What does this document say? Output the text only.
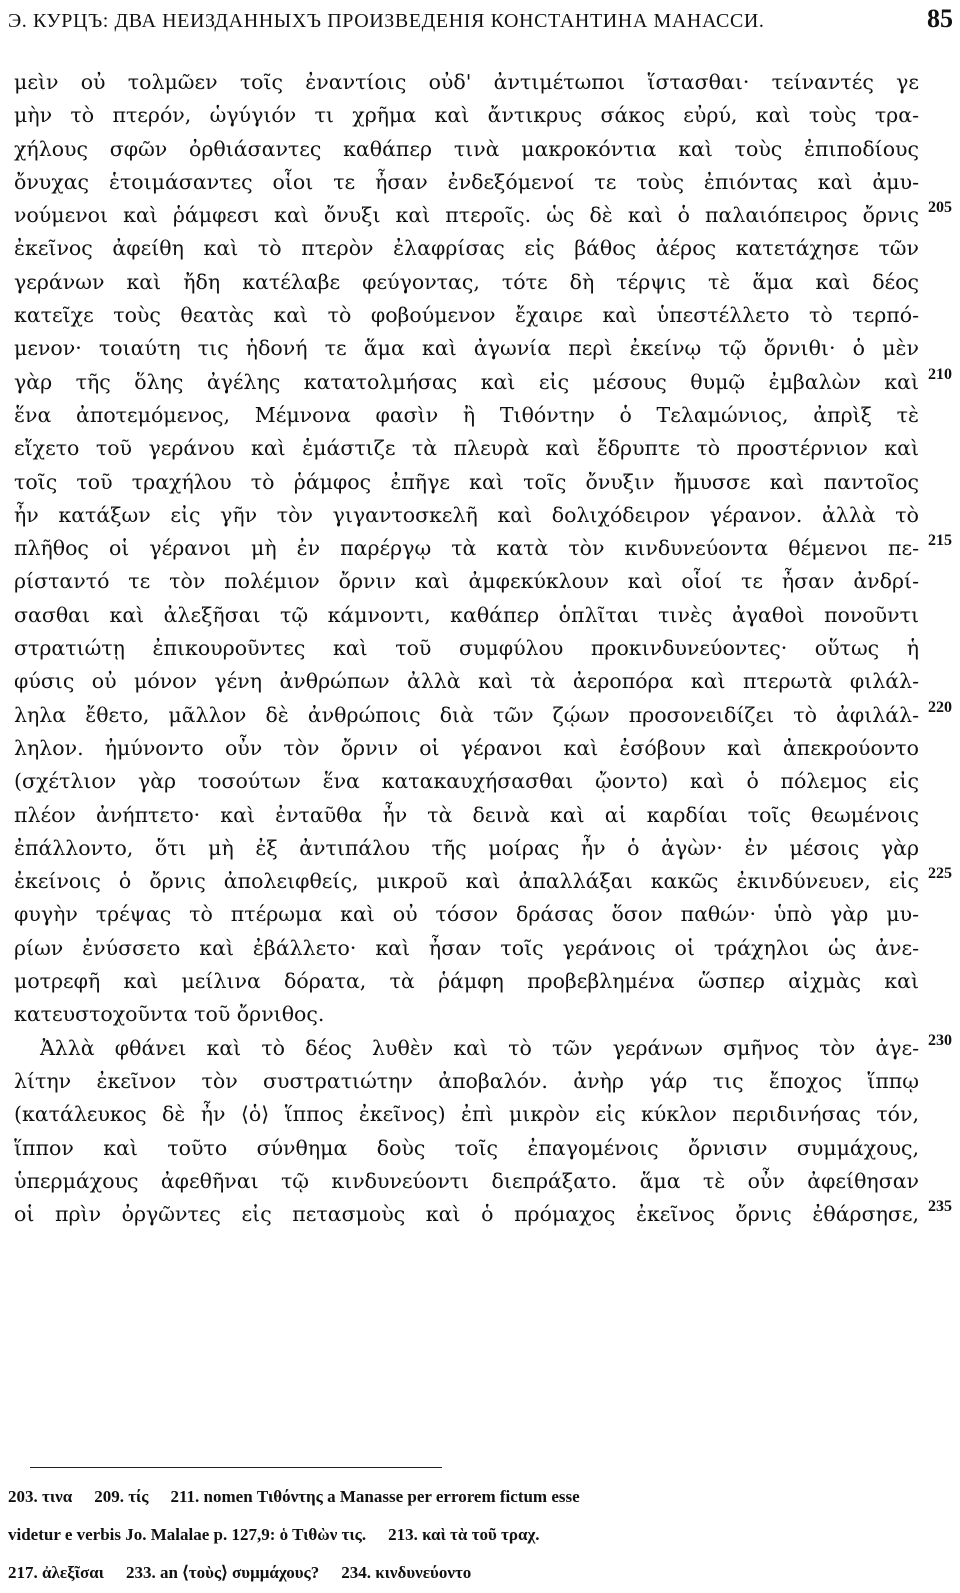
Э. КУРЦЪ: ДВА НЕИЗДАННЫХЪ ПРОИЗВЕДЕНІЯ КОНСТАНТИНА МАНАССИ.	85
μεὶν οὐ τολμῶεν τοῖς ἐναντίοις οὐδ' ἀντιμέτωποι ἵστασθαι· τείναντές γε
μὴν τὸ πτερόν, ὡγύγιόν τι χρῆμα καὶ ἄντικρυς σάκος εὐρύ, καὶ τοὺς τρα-
χήλους σφῶν ὀρθιάσαντες καθάπερ τινὰ μακροκόντια καὶ τοὺς ἐπιποδίους
ὄνυχας ἑτοιμάσαντες οἷοι τε ἦσαν ἐνδεξόμενοί τε τοὺς ἐπιόντας καὶ ἀμυ-
νούμενοι καὶ ῥάμφεσι καὶ ὄνυξι καὶ πτεροῖς. ὡς δὲ καὶ ὁ παλαιόπειρος ὄρνις
ἐκεῖνος ἀφείθη καὶ τὸ πτερὸν ἐλαφρίσας εἰς βάθος ἀέρος κατετάχησε τῶν
γεράνων καὶ ἤδη κατέλαβε φεύγοντας, τότε δὴ τέρψις τὲ ἅμα καὶ δέος
κατεῖχε τοὺς θεατὰς καὶ τὸ φοβούμενον ἔχαιρε καὶ ὑπεστέλλετο τὸ τερπό-
μενον· τοιαύτη τις ἡδονή τε ἅμα καὶ ἀγωνία περὶ ἐκείνῳ τῷ ὄρνιθι· ὁ μὲν
γὰρ τῆς ὅλης ἀγέλης κατατολμήσας καὶ εἰς μέσους θυμῷ ἐμβαλὼν καὶ
ἕνα ἀποτεμόμενος, Μέμνονα φασὶν ἢ Τιθόντην ὁ Τελαμώνιος, ἀπρὶξ τὲ
εἴχετο τοῦ γεράνου καὶ ἐμάστιζε τὰ πλευρὰ καὶ ἔδρυπτε τὸ προστέρνιον καὶ
τοῖς τοῦ τραχήλου τὸ ῥάμφος ἐπῆγε καὶ τοῖς ὄνυξιν ἤμυσσε καὶ παντοῖος
ἦν κατάξων εἰς γῆν τὸν γιγαντοσκελῆ καὶ δολιχόδειρον γέρανον. ἀλλὰ τὸ
πλῆθος οἱ γέρανοι μὴ ἐν παρέργῳ τὰ κατὰ τὸν κινδυνεύοντα θέμενοι πε-
ρίσταντό τε τὸν πολέμιον ὄρνιν καὶ ἀμφεκύκλουν καὶ οἷοί τε ἦσαν ἀνδρί-
σασθαι καὶ ἀλεξῆσαι τῷ κάμνοντι, καθάπερ ὁπλῖται τινὲς ἀγαθοὶ πονοῦντι
στρατιώτῃ ἐπικουροῦντες καὶ τοῦ συμφύλου προκινδυνεύοντες· οὕτως ἡ
φύσις οὐ μόνον γένη ἀνθρώπων ἀλλὰ καὶ τὰ ἀεροπόρα καὶ πτερωτὰ φιλάλ-
ληλα ἔθετο, μᾶλλον δὲ ἀνθρώποις διὰ τῶν ζῴων προσονειδίζει τὸ ἀφιλάλ-
ληλον. ἠμύνοντο οὖν τὸν ὄρνιν οἱ γέρανοι καὶ ἐσόβουν καὶ ἀπεκρούοντο
(σχέτλιον γὰρ τοσούτων ἕνα κατακαυχήσασθαι ᾤοντο) καὶ ὁ πόλεμος εἰς
πλέον ἀνήπτετο· καὶ ἐνταῦθα ἦν τὰ δεινὰ καὶ αἱ καρδίαι τοῖς θεωμένοις
ἐπάλλοντο, ὅτι μὴ ἐξ ἀντιπάλου τῆς μοίρας ἦν ὁ ἀγὼν· ἐν μέσοις γὰρ
ἐκείνοις ὁ ὄρνις ἀπολειφθείς, μικροῦ καὶ ἀπαλλάξαι κακῶς ἐκινδύνευεν, εἰς
φυγὴν τρέψας τὸ πτέρωμα καὶ οὐ τόσον δράσας ὅσον παθών· ὑπὸ γὰρ μυ-
ρίων ἐνύσσετο καὶ ἐβάλλετο· καὶ ἦσαν τοῖς γεράνοις οἱ τράχηλοι ὡς ἀνε-
μοτρεφῆ καὶ μείλινα δόρατα, τὰ ῥάμφη προβεβλημένα ὥσπερ αἰχμὰς καὶ
κατευστοχοῦντα τοῦ ὄρνιθος.
Ἀλλὰ φθάνει καὶ τὸ δέος λυθὲν καὶ τὸ τῶν γεράνων σμῆνος τὸν ἀγε-
λίτην ἐκεῖνον τὸν συστρατιώτην ἀποβαλόν. ἀνὴρ γάρ τις ἔποχος ἵππῳ
(κατάλευκος δὲ ἦν ⟨ὁ⟩ ἵππος ἐκεῖνος) ἐπὶ μικρὸν εἰς κύκλον περιδινήσας τόν,
ἵππον καὶ τοῦτο σύνθημα δοὺς τοῖς ἐπαγομένοις ὄρνισιν συμμάχους,
ὑπερμάχους ἀφεθῆναι τῷ κινδυνεύοντι διεπράξατο. ἅμα τὲ οὖν ἀφείθησαν
οἱ πρὶν ὀργῶντες εἰς πετασμοὺς καὶ ὁ πρόμαχος ἐκεῖνος ὄρνις ἐθάρσησε,
203. τινα 209. τίς 211. nomen Τιθόντης a Manasse per errorem fictum esse
videtur e verbis Jo. Malalae p. 127,9: ὁ Τιθὼν τις. 213. καὶ τὰ τοῦ τραχ.
217. ἀλεξῖσαι 233. an ⟨τοὺς⟩ συμμάχους? 234. κινδυνεύοντο
205
210
215
220
225
230
235
